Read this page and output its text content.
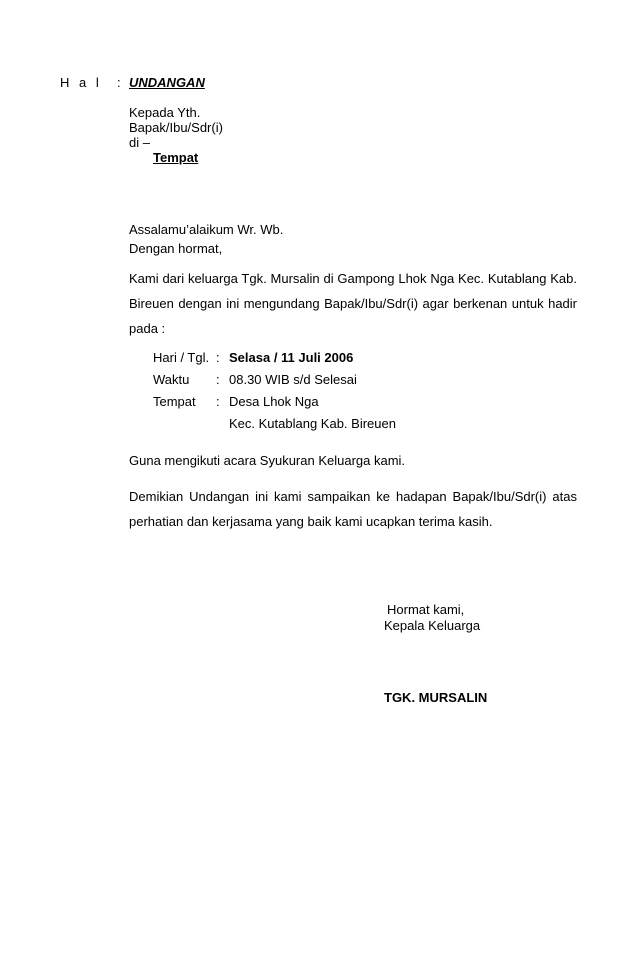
H a l : UNDANGAN
Kepada Yth.
Bapak/Ibu/Sdr(i)
di –
Tempat
Assalamu’alaikum Wr. Wb.
Dengan hormat,
Kami dari keluarga Tgk. Mursalin di Gampong Lhok Nga Kec. Kutablang Kab. Bireuen dengan ini mengundang Bapak/Ibu/Sdr(i) agar berkenan untuk hadir pada :
Hari / Tgl. : Selasa / 11 Juli 2006
Waktu : 08.30 WIB s/d Selesai
Tempat : Desa Lhok Nga
Kec. Kutablang Kab. Bireuen
Guna mengikuti acara Syukuran Keluarga kami.
Demikian Undangan ini kami sampaikan ke hadapan Bapak/Ibu/Sdr(i) atas perhatian dan kerjasama yang baik kami ucapkan terima kasih.
Hormat kami,
Kepala Keluarga
TGK. MURSALIN
